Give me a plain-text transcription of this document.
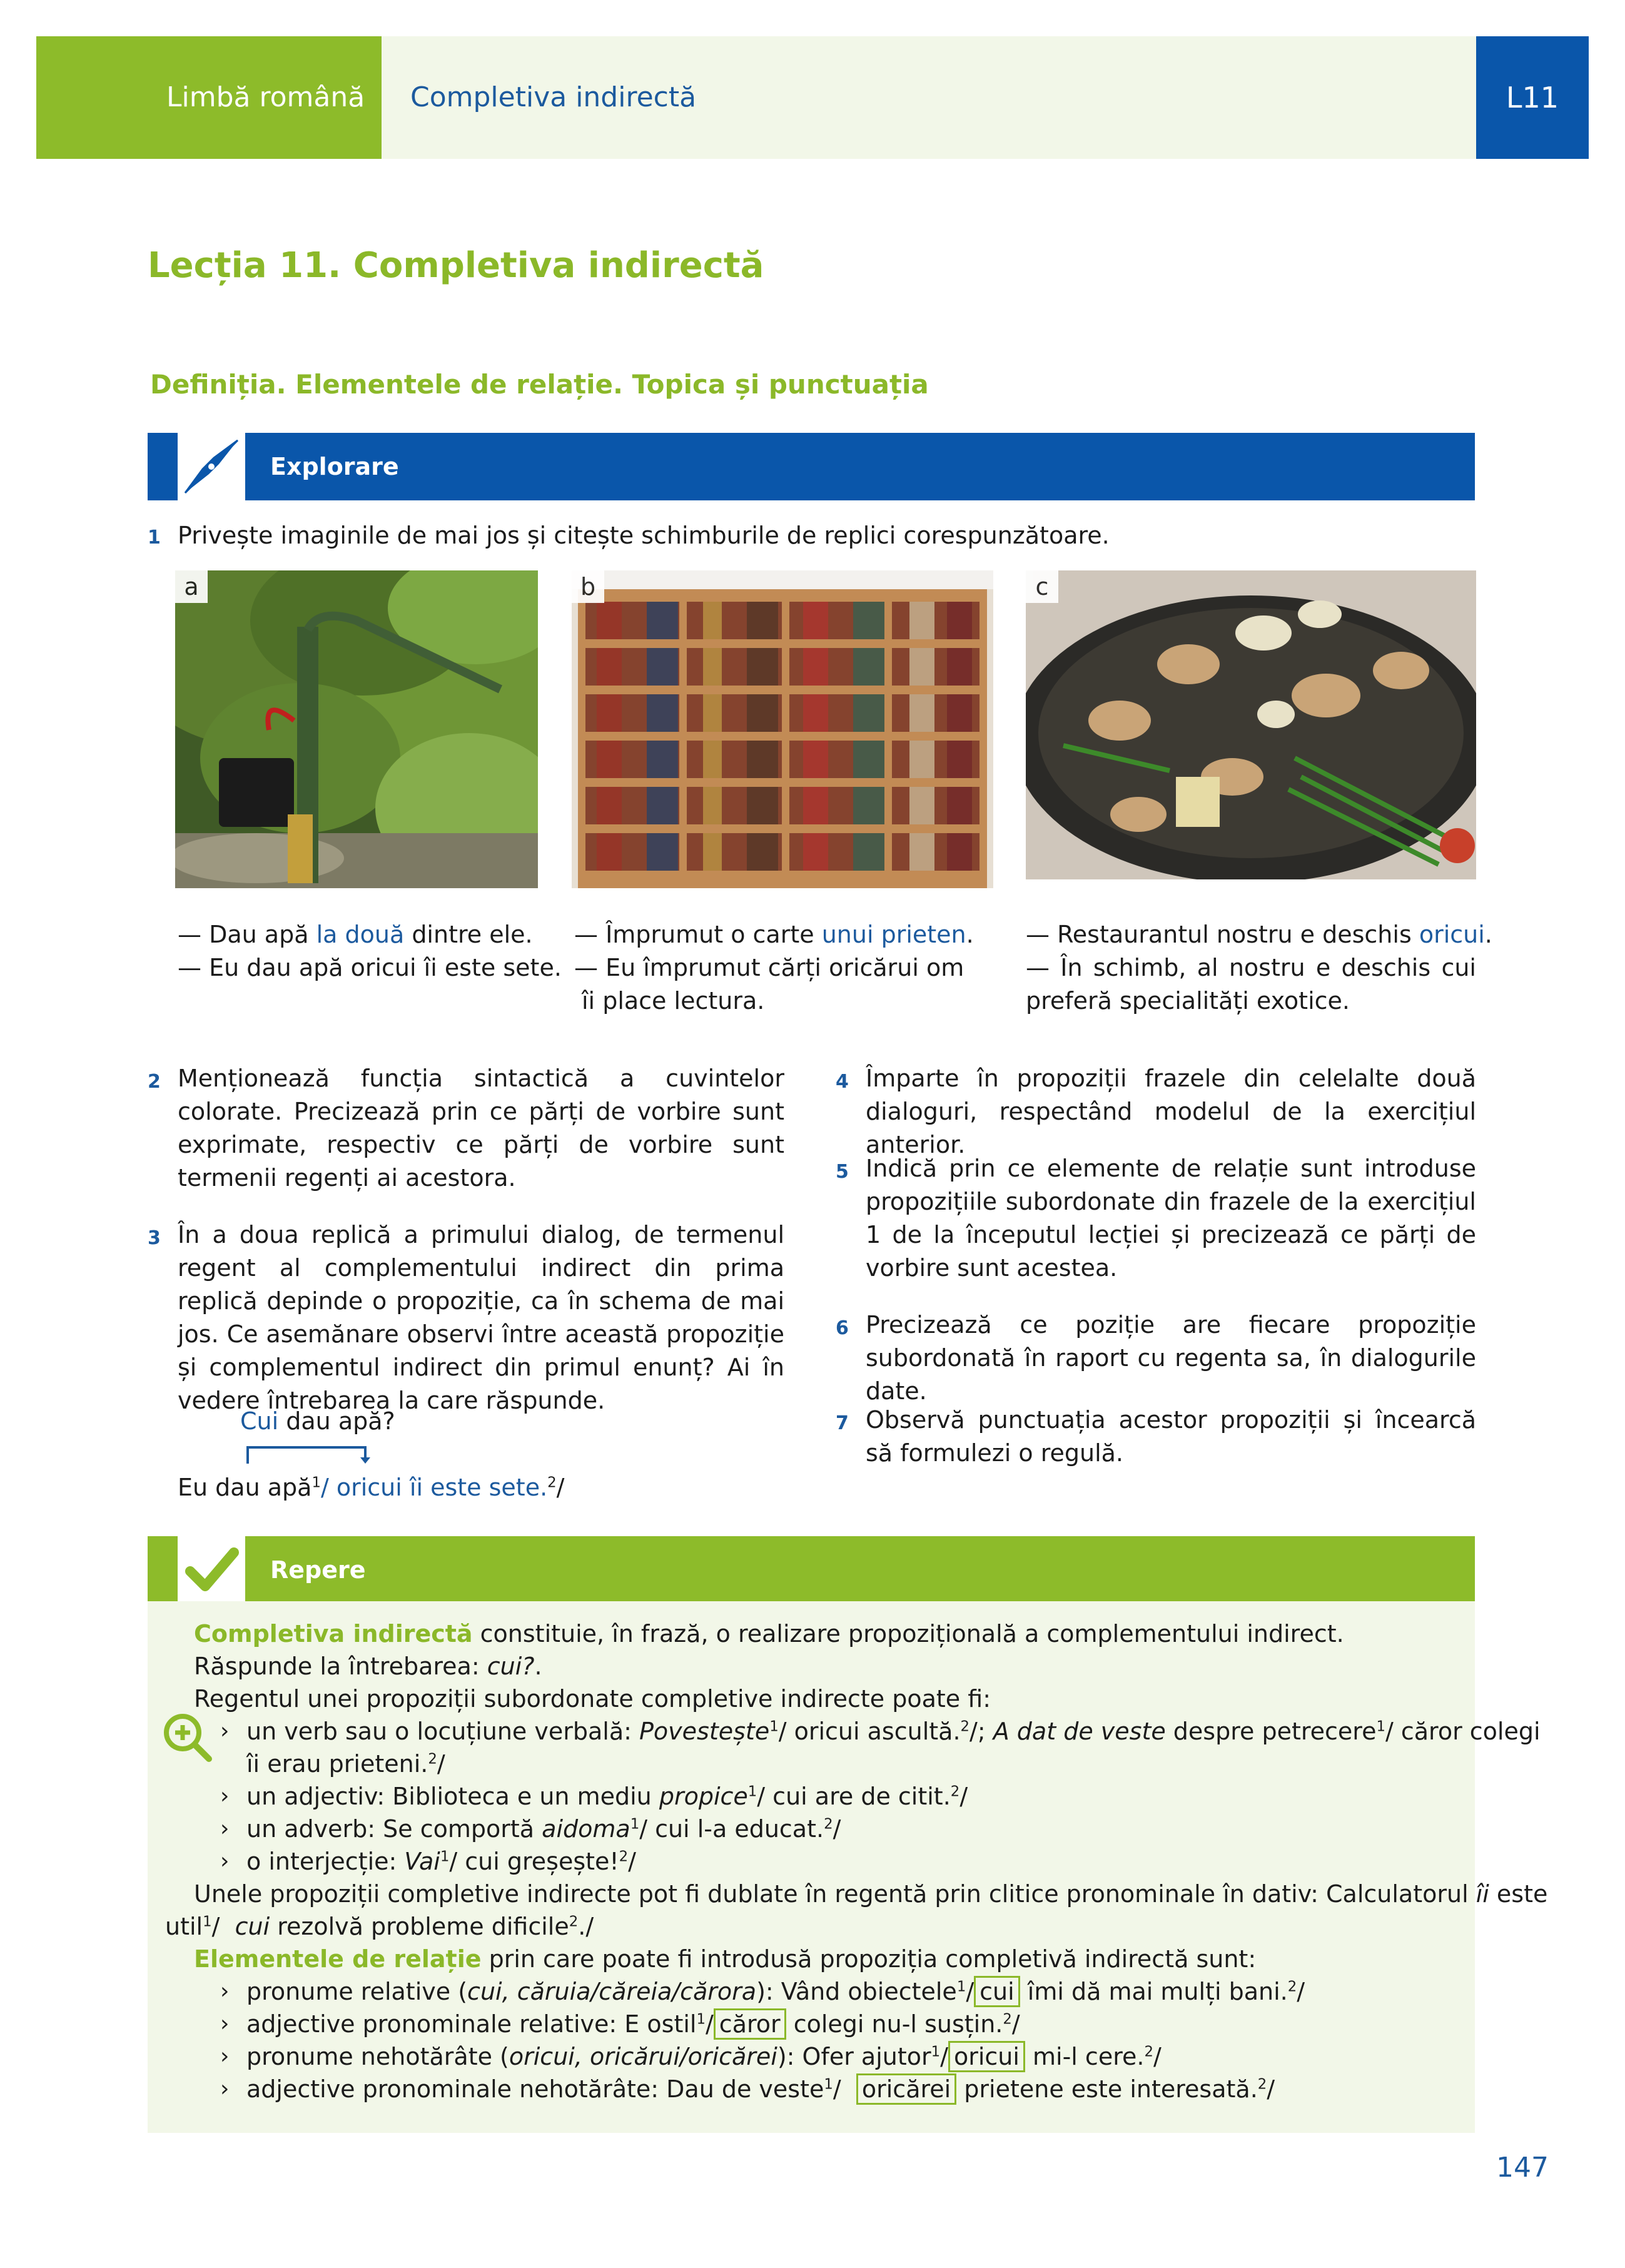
Limbă română Completiva indirectă	L11
Lecția 11. Completiva indirectă
Definiția. Elementele de relație. Topica și punctuația
Explorare
1 Privește imaginile de mai jos și citește schimburile de replici corespunzătoare.
a	b	c
— Dau apă la două dintre ele.
— Eu dau apă oricui îi este sete.
— Împrumut o carte unui prieten.
— Eu împrumut cărți oricărui om
îi place lectura.
— Restaurantul nostru e deschis oricui.
— În schimb, al nostru e deschis cui
preferă specialități exotice.
2 Menționează funcția sintactică a cuvintelor colorate. Precizează prin ce părți de vorbire sunt exprimate, respectiv ce părți de vorbire sunt termenii regenți ai acestora.
3 În a doua replică a primului dialog, de termenul regent al complementului indirect din prima replică depinde o propoziție, ca în schema de mai jos. Ce asemănare observi între această propoziție și complementul indirect din primul enunț? Ai în vedere întrebarea la care răspunde.
Cui dau apă?
Eu dau apă$^1$/ oricui îi este sete.$^2$/
4 Împarte în propoziții frazele din celelalte două dialoguri, respectând modelul de la exercițiul anterior.
5 Indică prin ce elemente de relație sunt introduse propozițiile subordonate din frazele de la exercițiul 1 de la începutul lecției și precizează ce părți de vorbire sunt acestea.
6 Precizează ce poziție are fiecare propoziție subordonată în raport cu regenta sa, în dialogurile date.
7 Observă punctuația acestor propoziții și încearcă să formulezi o regulă.
Repere
Completiva indirectă constituie, în frază, o realizare propozițională a complementului indirect.
Răspunde la întrebarea: cui?.
Regentul unei propoziții subordonate completive indirecte poate fi:
› un verb sau o locuțiune verbală: Povestește$^1$/ oricui ascultă.$^2$/; A dat de veste despre petrecere$^1$/ căror colegi
îi erau prieteni.$^2$/
› un adjectiv: Biblioteca e un mediu propice$^1$/ cui are de citit.$^2$/
› un adverb: Se comportă aidoma$^1$/ cui l-a educat.$^2$/
› o interjecție: Vai$^1$/ cui greșește!$^2$/
Unele propoziții completive indirecte pot fi dublate în regentă prin clitice pronominale în dativ: Calculatorul îi este
util$^1$/ cui rezolvă probleme dificile$^2$./
Elementele de relație prin care poate fi introdusă propoziția completivă indirectă sunt:
› pronume relative (cui, căruia/căreia/cărora): Vând obiectele$^1$/ cui îmi dă mai mulți bani.$^2$/
› adjective pronominale relative: E ostil$^1$/ căror colegi nu-l susțin.$^2$/
› pronume nehotărâte (oricui, oricărui/oricărei): Ofer ajutor$^1$/ oricui mi-l cere.$^2$/
› adjective pronominale nehotărâte: Dau de veste$^1$/ oricărei prietene este interesată.$^2$/
147
